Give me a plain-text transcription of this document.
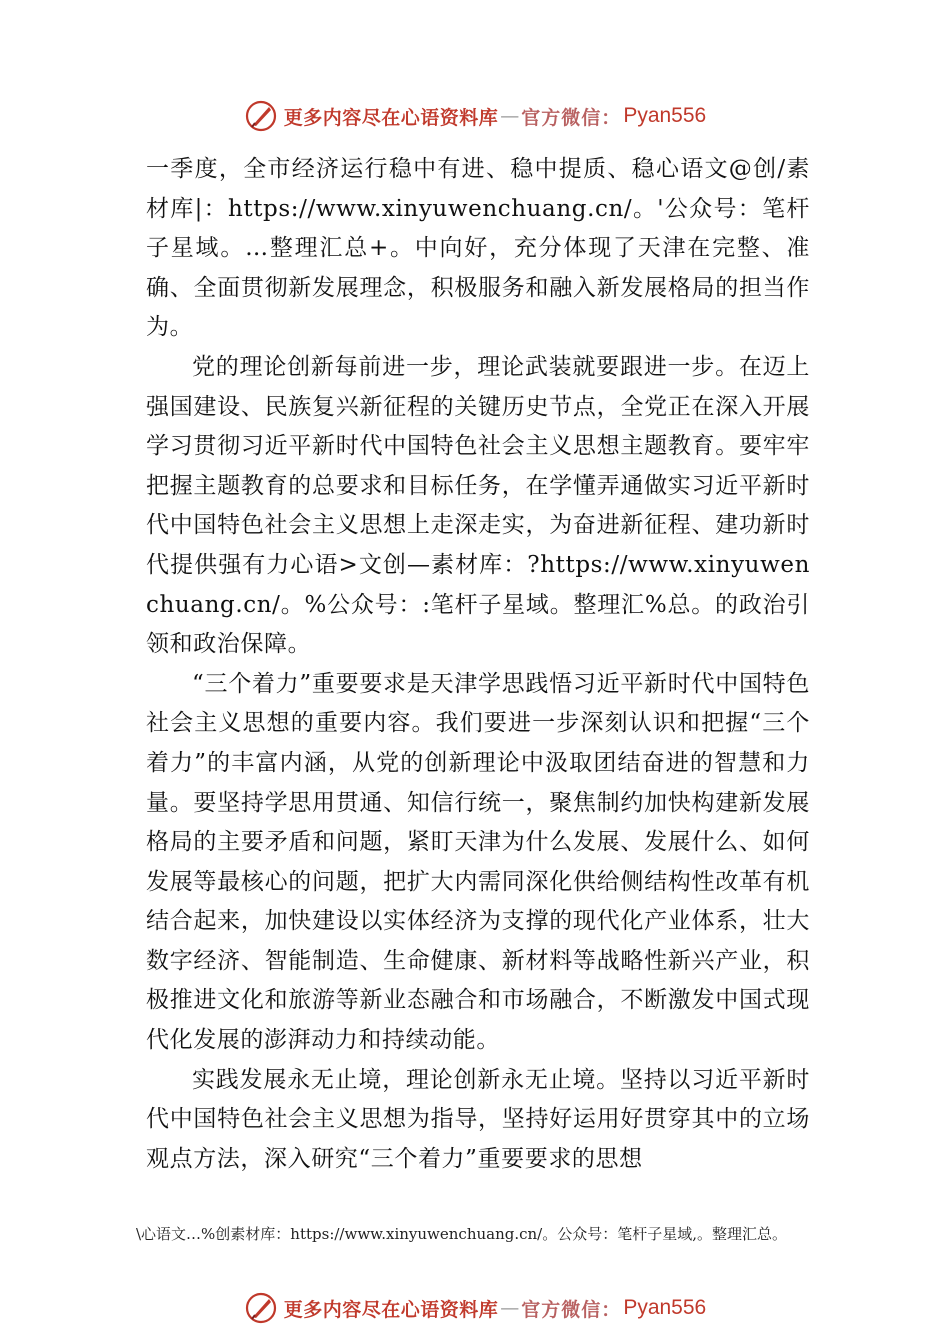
更多内容尽在心语资料库 — 官方微信： Pyan556

一季度，全市经济运行稳中有进、稳中提质、稳心语文@创/素材库|：https://www.xinyuwenchuang.cn/。'公众号：笔杆子星域。…整理汇总+。中向好，充分体现了天津在完整、准确、全面贯彻新发展理念，积极服务和融入新发展格局的担当作为。

党的理论创新每前进一步，理论武装就要跟进一步。在迈上强国建设、民族复兴新征程的关键历史节点，全党正在深入开展学习贯彻习近平新时代中国特色社会主义思想主题教育。要牢牢把握主题教育的总要求和目标任务，在学懂弄通做实习近平新时代中国特色社会主义思想上走深走实，为奋进新征程、建功新时代提供强有力心语>文创—素材库：?https://www.xinyuwenchuang.cn/。%公众号：:笔杆子星域。整理汇%总。的政治引领和政治保障。

“三个着力”重要要求是天津学思践悟习近平新时代中国特色社会主义思想的重要内容。我们要进一步深刻认识和把握“三个着力”的丰富内涵，从党的创新理论中汲取团结奋进的智慧和力量。要坚持学思用贯通、知信行统一，聚焦制约加快构建新发展格局的主要矛盾和问题，紧盯天津为什么发展、发展什么、如何发展等最核心的问题，把扩大内需同深化供给侧结构性改革有机结合起来，加快建设以实体经济为支撑的现代化产业体系，壮大数字经济、智能制造、生命健康、新材料等战略性新兴产业，积极推进文化和旅游等新业态融合和市场融合，不断激发中国式现代化发展的澎湃动力和持续动能。

实践发展永无止境，理论创新永无止境。坚持以习近平新时代中国特色社会主义思想为指导，坚持好运用好贯穿其中的立场观点方法，深入研究“三个着力”重要要求的思想

\心语文…%创素材库：https://www.xinyuwenchuang.cn/。公众号：笔杆子星域,。整理汇总。
更多内容尽在心语资料库 — 官方微信： Pyan556
